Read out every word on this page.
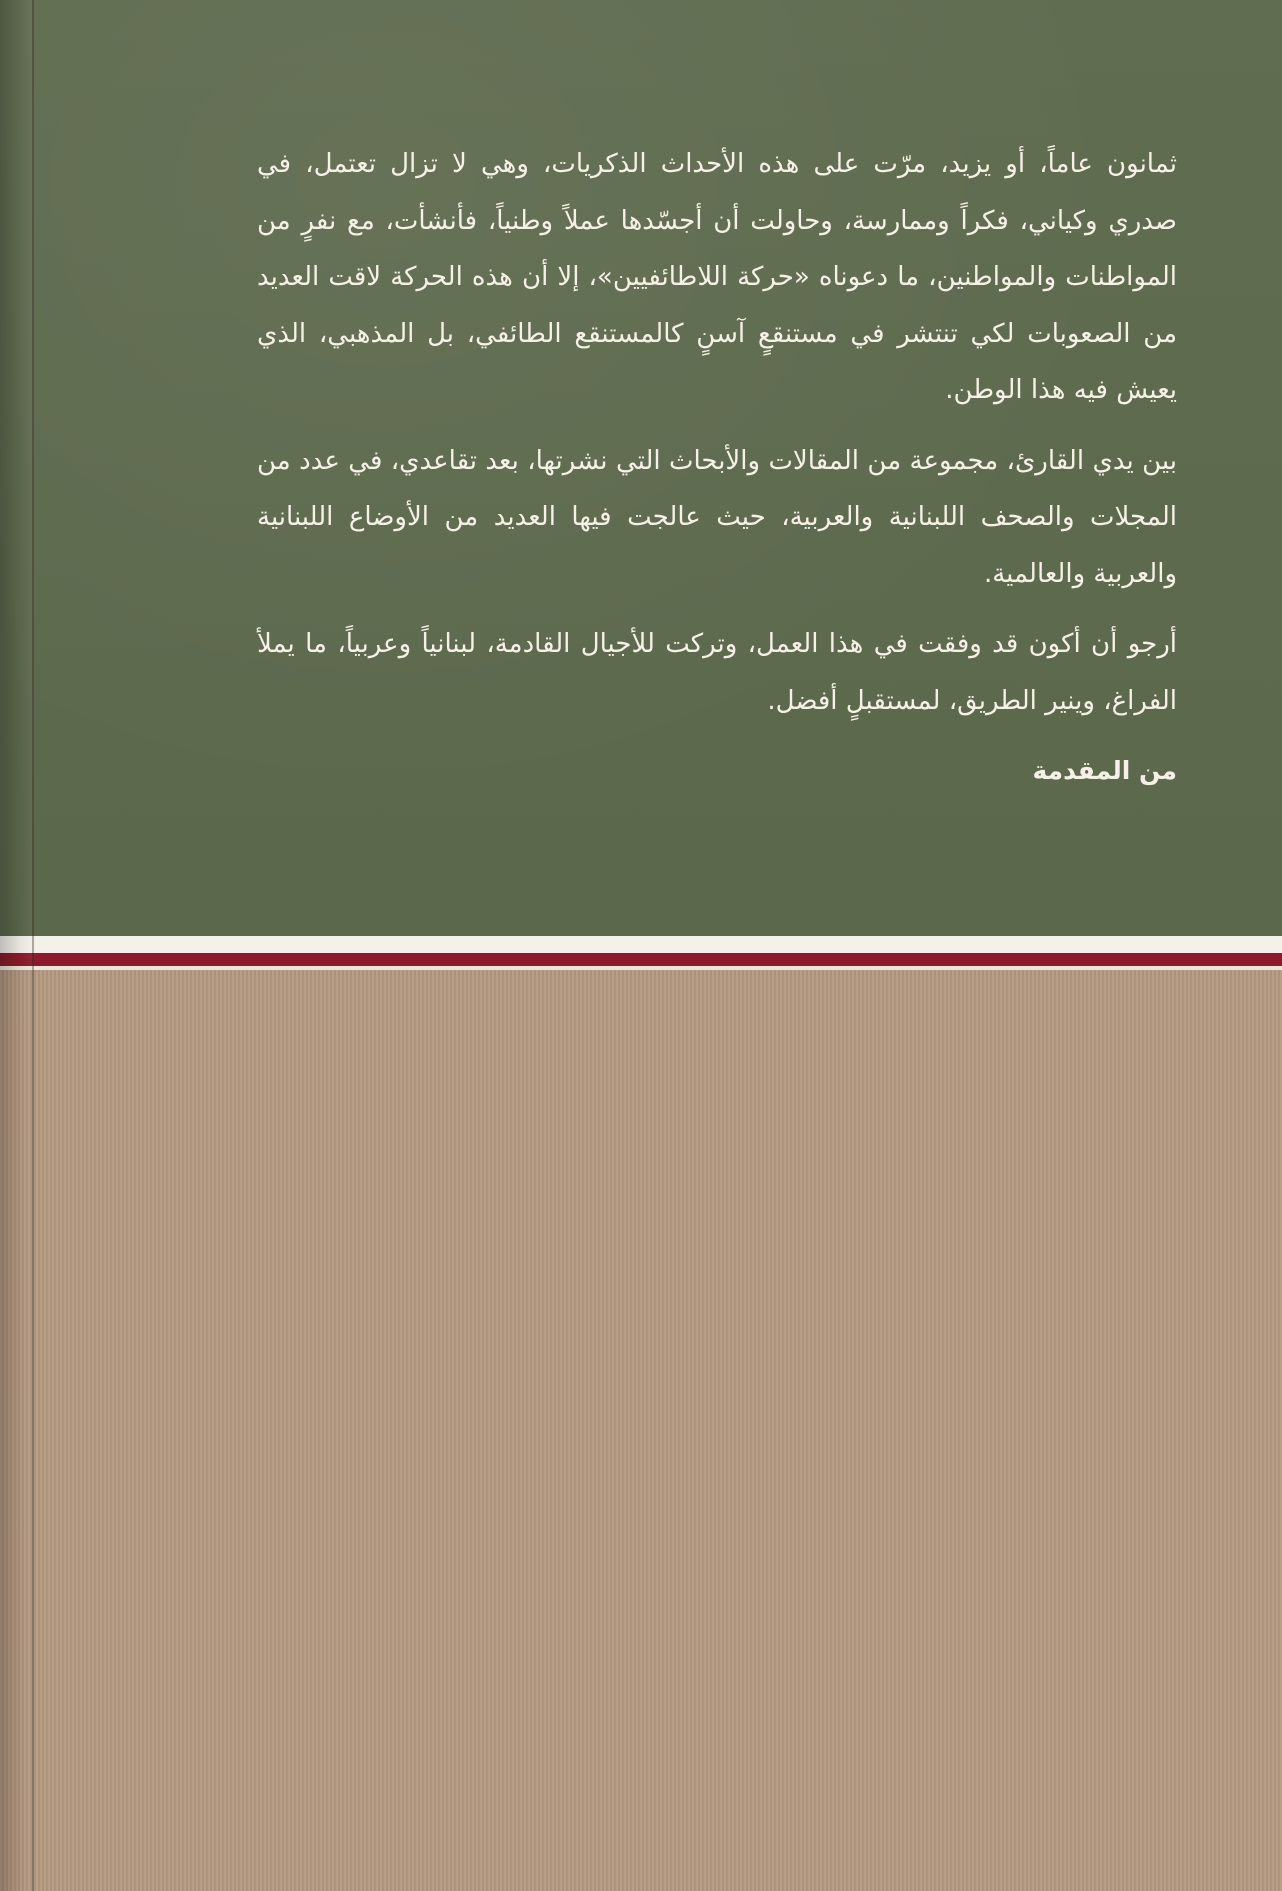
ثمانون عاماً، أو يزيد، مرّت على هذه الأحداث الذكريات، وهي لا تزال تعتمل، في صدري وكياني، فكراً وممارسة، وحاولت أن أجسّدها عملاً وطنياً، فأنشأت، مع نفرٍ من المواطنات والمواطنين، ما دعوناه «حركة اللاطائفيين»، إلا أن هذه الحركة لاقت العديد من الصعوبات لكي تنتشر في مستنقعٍ آسنٍ كالمستنقع الطائفي، بل المذهبي، الذي يعيش فيه هذا الوطن.

بين يدي القارئ، مجموعة من المقالات والأبحاث التي نشرتها، بعد تقاعدي، في عدد من المجلات والصحف اللبنانية والعربية، حيث عالجت فيها العديد من الأوضاع اللبنانية والعربية والعالمية.

أرجو أن أكون قد وفقت في هذا العمل، وتركت للأجيال القادمة، لبنانياً وعربياً، ما يملأ الفراغ، وينير الطريق، لمستقبلٍ أفضل.

من المقدمة
